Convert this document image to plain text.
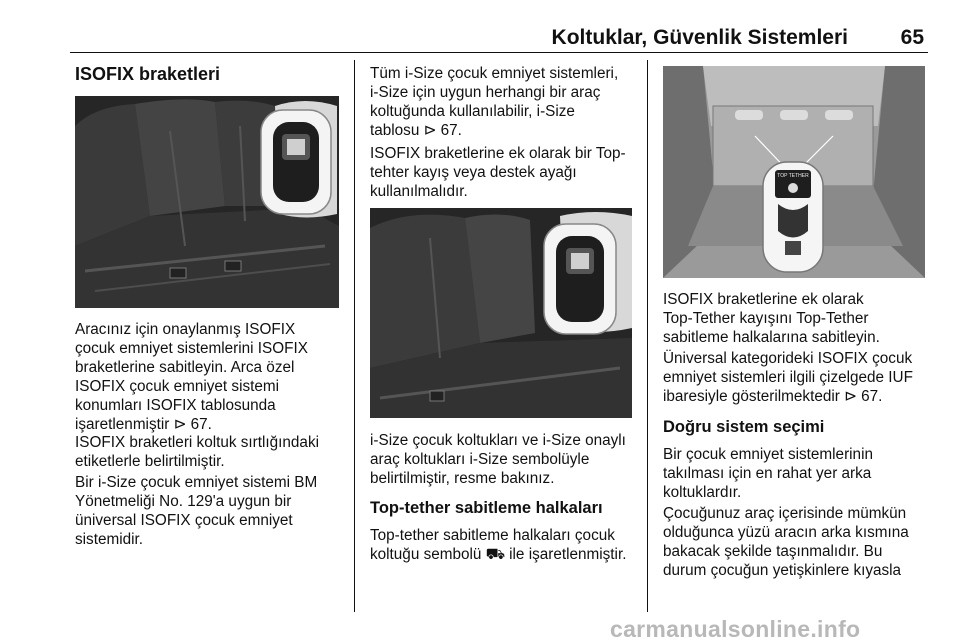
Koltuklar, Güvenlik Sistemleri	65
ISOFIX braketleri

Aracınız için onaylanmış ISOFIX
çocuk emniyet sistemlerini ISOFIX
braketlerine sabitleyin. Arca özel
ISOFIX çocuk emniyet sistemi
konumları ISOFIX tablosunda
işaretlenmiştir ⊳ 67.

ISOFIX braketleri koltuk sırtlığındaki
etiketlerle belirtilmiştir.

Bir i-Size çocuk emniyet sistemi BM
Yönetmeliği No. 129'a uygun bir
üniversal ISOFIX çocuk emniyet
sistemidir.

Tüm i-Size çocuk emniyet sistemleri,
i-Size için uygun herhangi bir araç
koltuğunda kullanılabilir, i-Size
tablosu ⊳ 67.

ISOFIX braketlerine ek olarak bir Top-
tehter kayış veya destek ayağı
kullanılmalıdır.

i-Size çocuk koltukları ve i-Size onaylı
araç koltukları i-Size sembolüyle
belirtilmiştir, resme bakınız.

Top-tether sabitleme halkaları

Top-tether sabitleme halkaları çocuk
koltuğu sembolü ⛟ ile işaretlenmiştir.

TOP TETHER

ISOFIX braketlerine ek olarak
Top-Tether kayışını Top-Tether
sabitleme halkalarına sabitleyin.

Üniversal kategorideki ISOFIX çocuk
emniyet sistemleri ilgili çizelgede IUF
ibaresiyle gösterilmektedir ⊳ 67.

Doğru sistem seçimi

Bir çocuk emniyet sistemlerinin
takılması için en rahat yer arka
koltuklardır.

Çocuğunuz araç içerisinde mümkün
olduğunca yüzü aracın arka kısmına
bakacak şekilde taşınmalıdır. Bu
durum çocuğun yetişkinlere kıyasla

carmanualsonline.info
